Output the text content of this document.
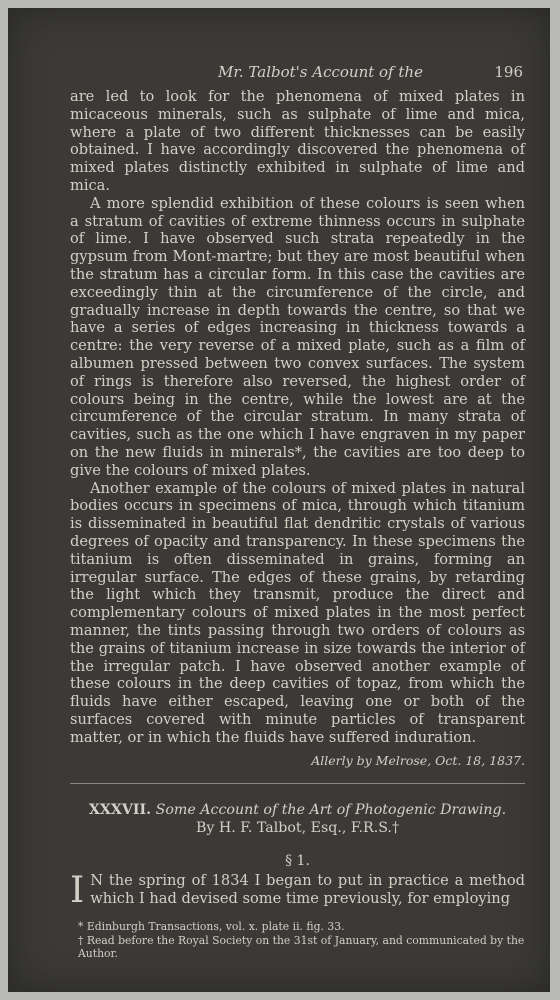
Mr. Talbot's Account of the	196

are led to look for the phenomena of mixed plates in micaceous minerals, such as sulphate of lime and mica, where a plate of two different thicknesses can be easily obtained. I have accordingly discovered the phenomena of mixed plates distinctly exhibited in sulphate of lime and mica.

A more splendid exhibition of these colours is seen when a stratum of cavities of extreme thinness occurs in sulphate of lime. I have observed such strata repeatedly in the gypsum from Mont-martre; but they are most beautiful when the stratum has a circular form. In this case the cavities are exceedingly thin at the circumference of the circle, and gradually increase in depth towards the centre, so that we have a series of edges increasing in thickness towards a centre: the very reverse of a mixed plate, such as a film of albumen pressed between two convex surfaces. The system of rings is therefore also reversed, the highest order of colours being in the centre, while the lowest are at the circumference of the circular stratum. In many strata of cavities, such as the one which I have engraven in my paper on the new fluids in minerals*, the cavities are too deep to give the colours of mixed plates.

Another example of the colours of mixed plates in natural bodies occurs in specimens of mica, through which titanium is disseminated in beautiful flat dendritic crystals of various degrees of opacity and transparency. In these specimens the titanium is often disseminated in grains, forming an irregular surface. The edges of these grains, by retarding the light which they transmit, produce the direct and complementary colours of mixed plates in the most perfect manner, the tints passing through two orders of colours as the grains of titanium increase in size towards the interior of the irregular patch. I have observed another example of these colours in the deep cavities of topaz, from which the fluids have either escaped, leaving one or both of the surfaces covered with minute particles of transparent matter, or in which the fluids have suffered induration.

Allerly by Melrose, Oct. 18, 1837.
XXXVII. Some Account of the Art of Photogenic Drawing.
By H. F. Talbot, Esq., F.R.S.†
§ 1.
I N the spring of 1834 I began to put in practice a method which I had devised some time previously, for employing
* Edinburgh Transactions, vol. x. plate ii. fig. 33.
† Read before the Royal Society on the 31st of January, and communicated by the Author.
